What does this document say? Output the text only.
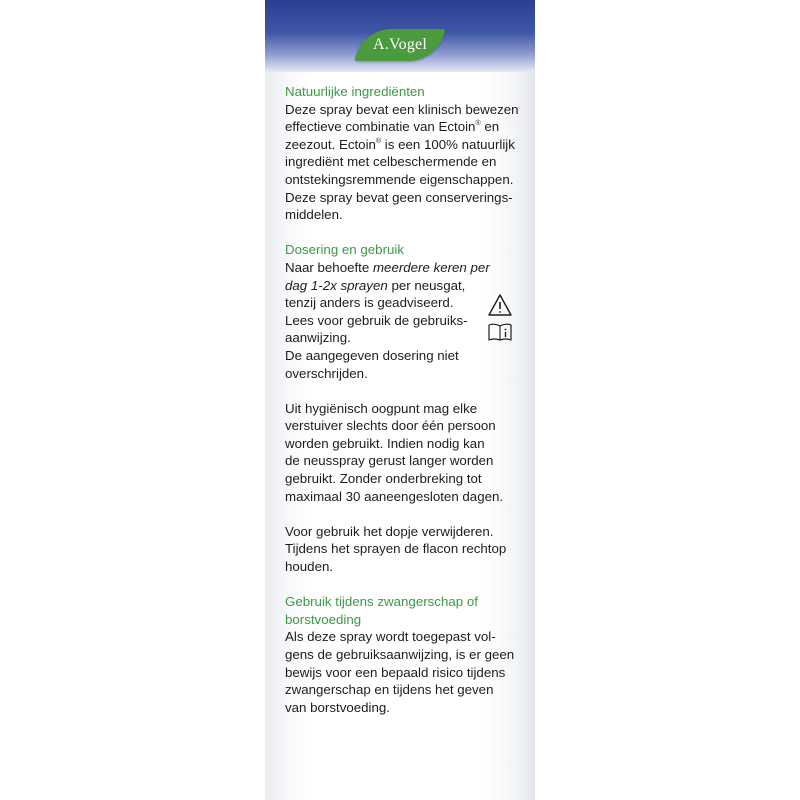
A.Vogel

Natuurlijke ingrediënten

Deze spray bevat een klinisch bewezen

effectieve combinatie van Ectoin® en

zeezout. Ectoin® is een 100% natuurlijk

ingrediënt met celbeschermende en

ontstekingsremmende eigenschappen.

Deze spray bevat geen conserverings-

middelen.

Dosering en gebruik

Naar behoefte meerdere keren per

dag 1-2x sprayen per neusgat,

tenzij anders is geadviseerd.

Lees voor gebruik de gebruiks-

aanwijzing.

De aangegeven dosering niet

overschrijden.

Uit hygiënisch oogpunt mag elke

verstuiver slechts door één persoon

worden gebruikt. Indien nodig kan

de neusspray gerust langer worden

gebruikt. Zonder onderbreking tot

maximaal 30 aaneengesloten dagen.

Voor gebruik het dopje verwijderen.

Tijdens het sprayen de flacon rechtop

houden.

Gebruik tijdens zwangerschap of

borstvoeding

Als deze spray wordt toegepast vol-

gens de gebruiksaanwijzing, is er geen

bewijs voor een bepaald risico tijdens

zwangerschap en tijdens het geven

van borstvoeding.
